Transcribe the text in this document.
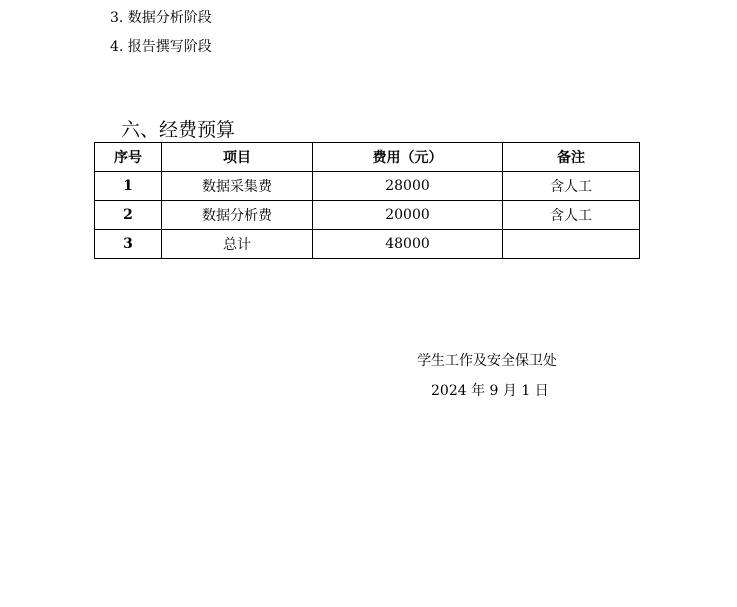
3. 数据分析阶段
4. 报告撰写阶段
六、经费预算
序号	项目	费用（元）	备注
1	数据采集费	28000	含人工
2	数据分析费	20000	含人工
3	总计	48000	
学生工作及安全保卫处
2024 年 9 月 1 日
